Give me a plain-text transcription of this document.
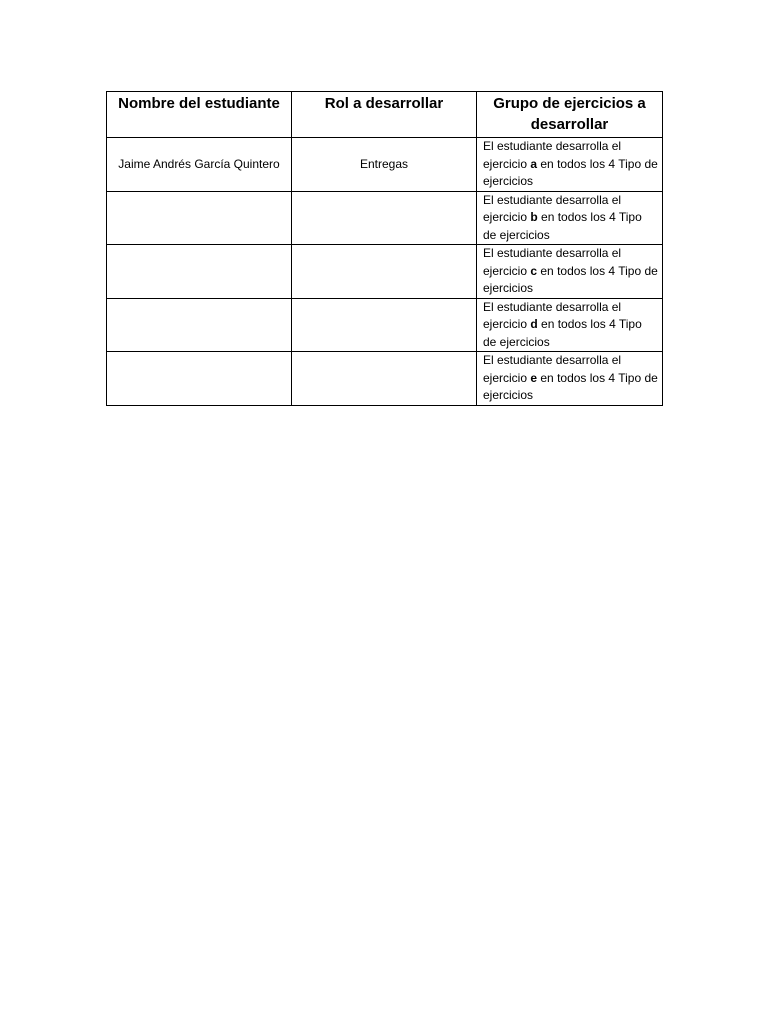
Nombre del estudiante	Rol a desarrollar	Grupo de ejercicios a desarrollar
Jaime Andrés García Quintero	Entregas	El estudiante desarrolla el ejercicio a en todos los 4 Tipo de ejercicios
		El estudiante desarrolla el ejercicio b en todos los 4 Tipo de ejercicios
		El estudiante desarrolla el ejercicio c en todos los 4 Tipo de ejercicios
		El estudiante desarrolla el ejercicio d en todos los 4 Tipo de ejercicios
		El estudiante desarrolla el ejercicio e en todos los 4 Tipo de ejercicios
